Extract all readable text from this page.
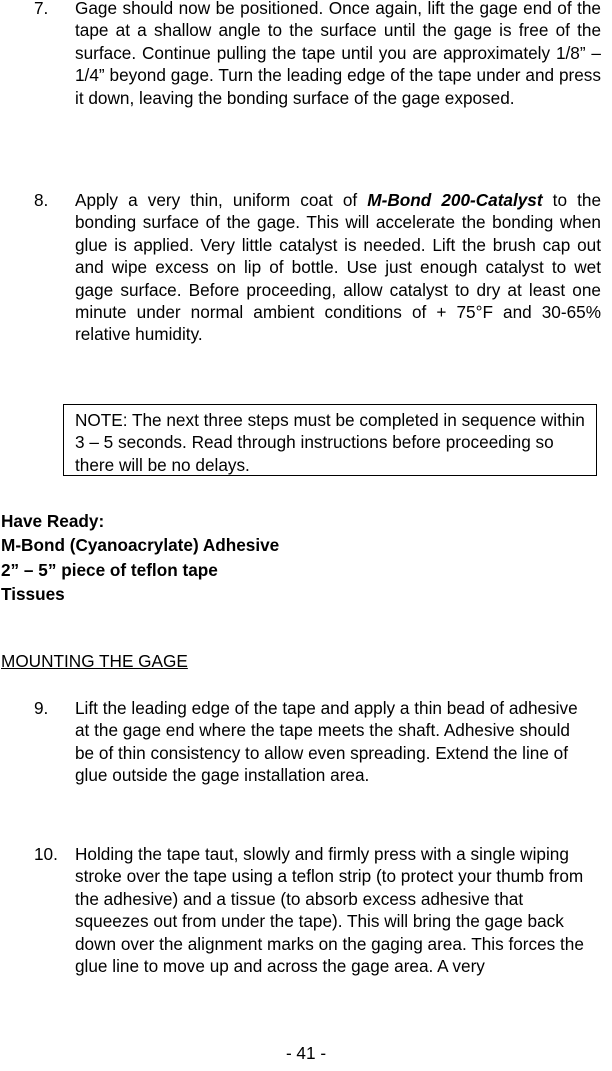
7. Gage should now be positioned. Once again, lift the gage end of the tape at a shallow angle to the surface until the gage is free of the surface. Continue pulling the tape until you are approximately 1/8” – 1/4” beyond gage. Turn the leading edge of the tape under and press it down, leaving the bonding surface of the gage exposed.
8. Apply a very thin, uniform coat of M-Bond 200-Catalyst to the bonding surface of the gage. This will accelerate the bonding when glue is applied. Very little catalyst is needed. Lift the brush cap out and wipe excess on lip of bottle. Use just enough catalyst to wet gage surface. Before proceeding, allow catalyst to dry at least one minute under normal ambient conditions of + 75°F and 30-65% relative humidity.
NOTE: The next three steps must be completed in sequence within 3 – 5 seconds. Read through instructions before proceeding so there will be no delays.
Have Ready:
M-Bond (Cyanoacrylate) Adhesive
2” – 5” piece of teflon tape
Tissues
MOUNTING THE GAGE
9. Lift the leading edge of the tape and apply a thin bead of adhesive at the gage end where the tape meets the shaft. Adhesive should be of thin consistency to allow even spreading. Extend the line of glue outside the gage installation area.
10. Holding the tape taut, slowly and firmly press with a single wiping stroke over the tape using a teflon strip (to protect your thumb from the adhesive) and a tissue (to absorb excess adhesive that squeezes out from under the tape). This will bring the gage back down over the alignment marks on the gaging area. This forces the glue line to move up and across the gage area. A very
- 41 -
